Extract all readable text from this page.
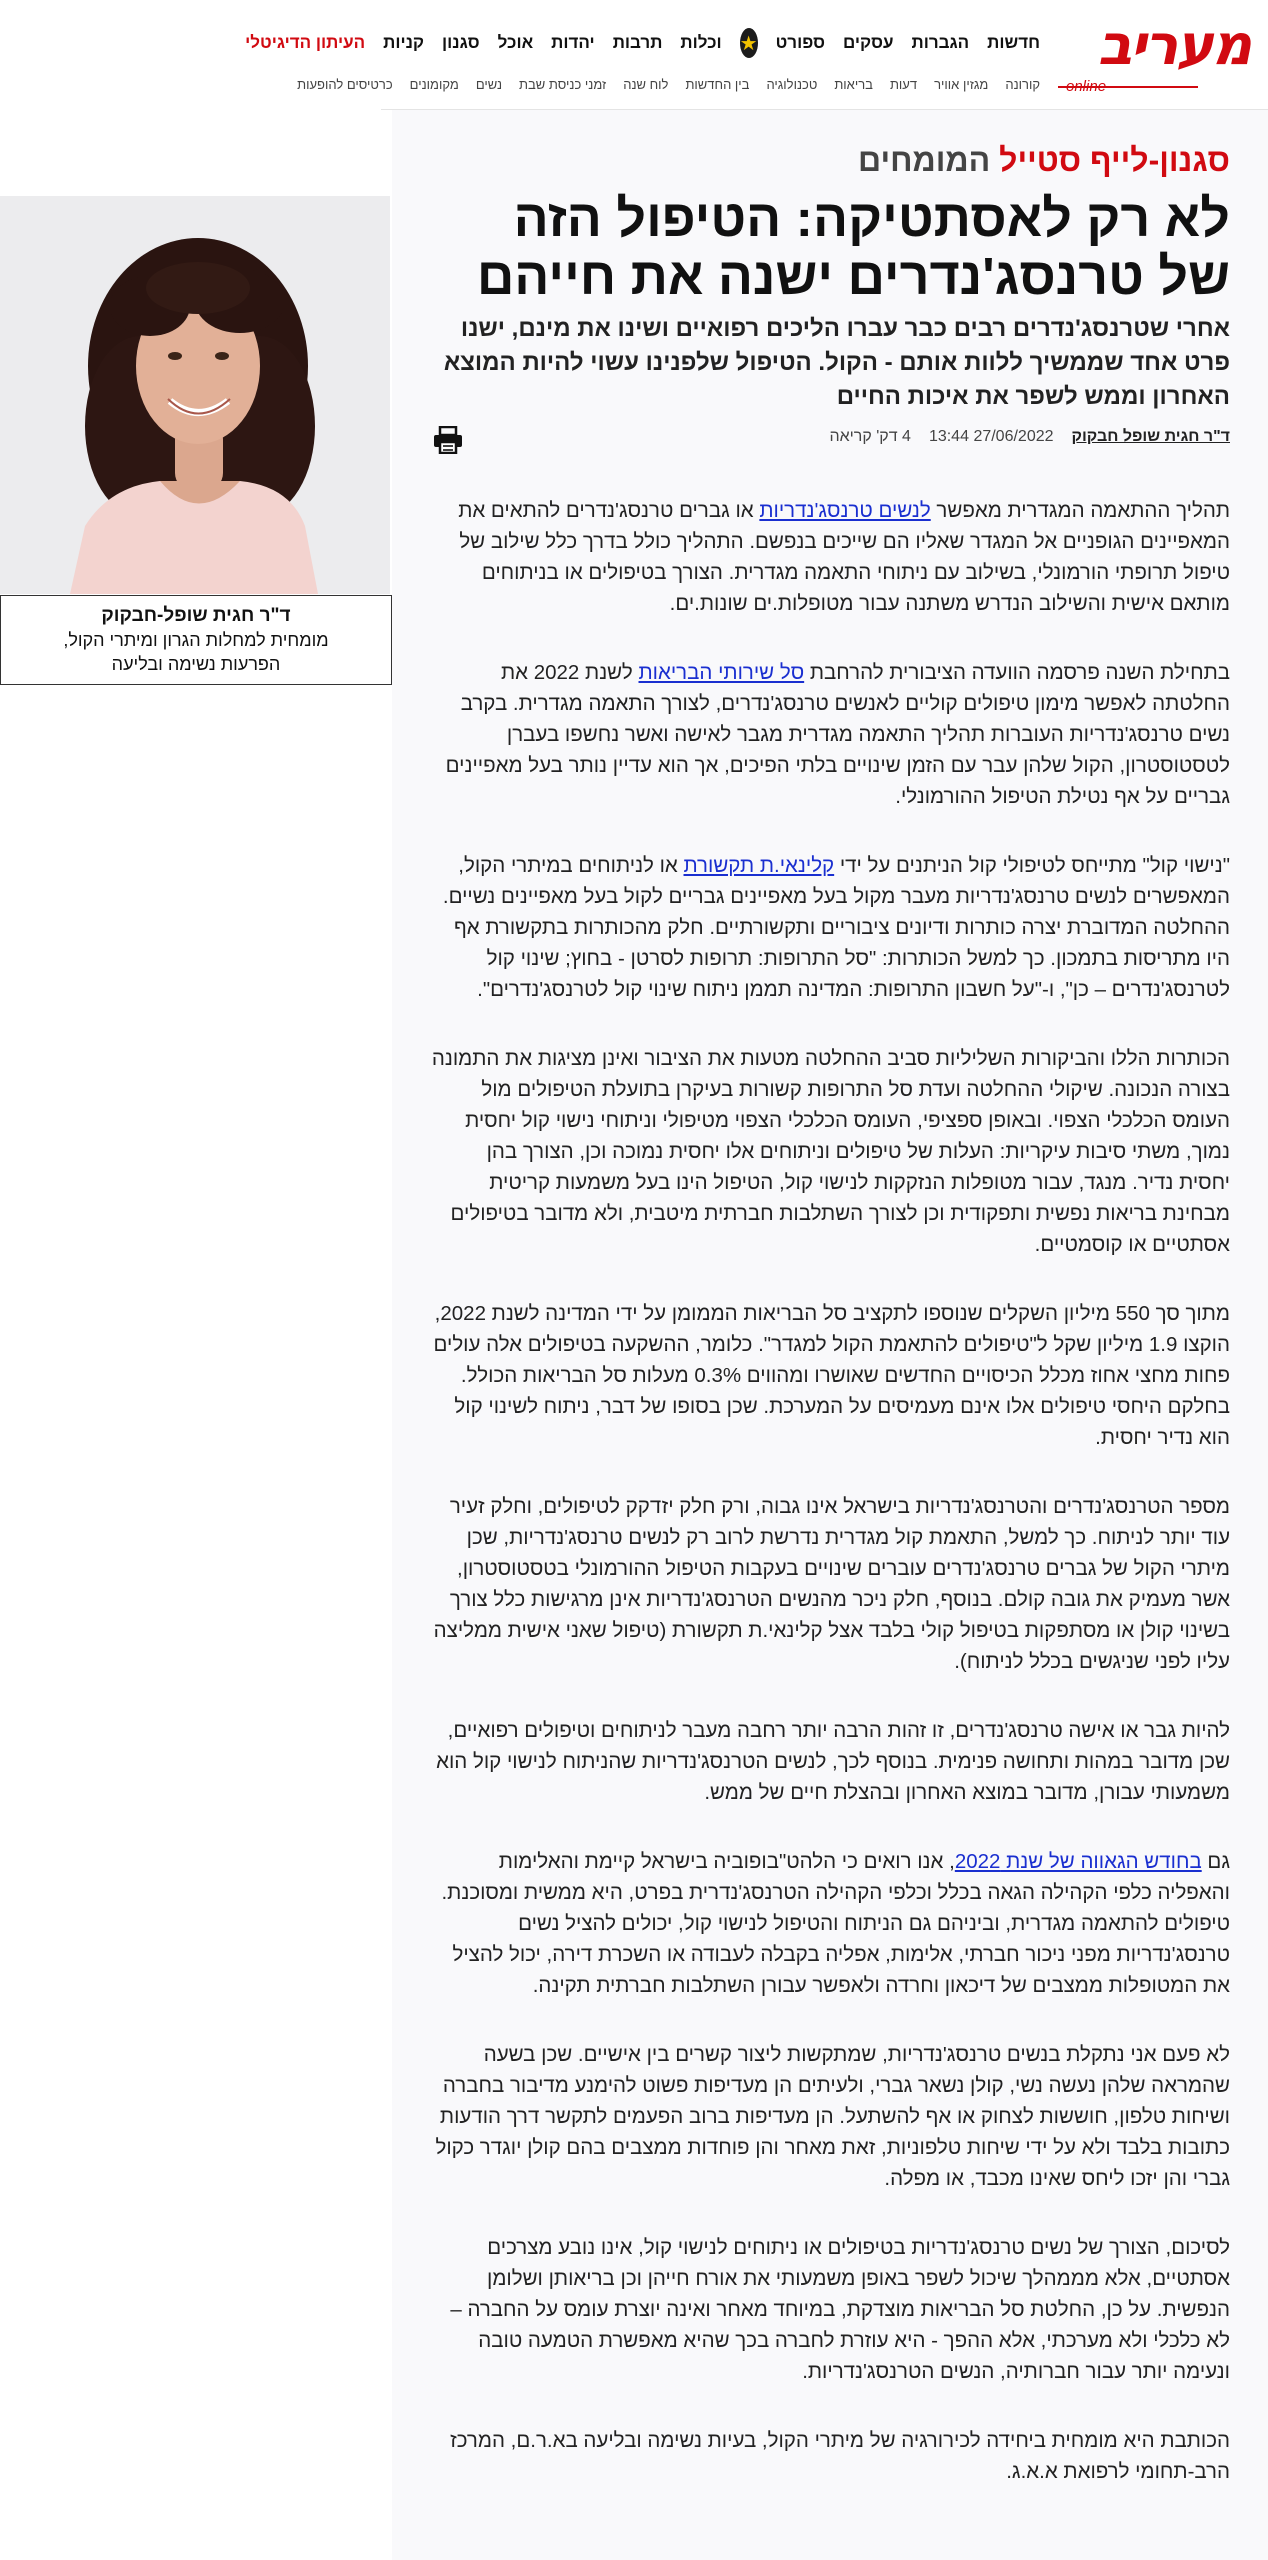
מעריב
online
חדשות
הגברות
עסקים
ספורט
★
וכלות
תרבות
יהדות
אוכל
סגנון
קניות
העיתון הדיגיטלי
קורונה
מגזין אוויר
דעות
בריאות
טכנולוגיה
בין החדשות
לוח שנה
זמני כניסת שבת
נשים
מקומונים
כרטיסים להופעות
ד"ר חגית שופל-חבקוק
מומחית למחלות הגרון ומיתרי הקול, הפרעות נשימה ובליעה
סגנון-לייף סטייל המומחים
לא רק לאסתטיקה: הטיפול הזה של טרנסג'נדרים ישנה את חייהם
אחרי שטרנסג'נדרים רבים כבר עברו הליכים רפואיים ושינו את מינם, ישנו פרט אחד שממשיך ללוות אותם - הקול. הטיפול שלפנינו עשוי להיות המוצא האחרון וממש לשפר את איכות החיים
ד"ר חגית שופל חבקוק
27/06/2022 13:44
4 דק' קריאה

תהליך ההתאמה המגדרית מאפשר לנשים טרנסג'נדריות או גברים טרנסג'נדרים להתאים את המאפיינים הגופניים אל המגדר שאליו הם שייכים בנפשם. התהליך כולל בדרך כלל שילוב של טיפול תרופתי הורמונלי, בשילוב עם ניתוחי התאמה מגדרית. הצורך בטיפולים או בניתוחים מותאם אישית והשילוב הנדרש משתנה עבור מטופלות.ים שונות.ים.

בתחילת השנה פרסמה הוועדה הציבורית להרחבת סל שירותי הבריאות לשנת 2022 את החלטתה לאפשר מימון טיפולים קוליים לאנשים טרנסג'נדרים, לצורך התאמה מגדרית. בקרב נשים טרנסג'נדריות העוברות תהליך התאמה מגדרית מגבר לאישה ואשר נחשפו בעברן לטסטוסטרון, הקול שלהן עבר עם הזמן שינויים בלתי הפיכים, אך הוא עדיין נותר בעל מאפיינים גבריים על אף נטילת הטיפול ההורמונלי.

"נישוי קול" מתייחס לטיפולי קול הניתנים על ידי קלינאי.ת תקשורת או לניתוחים במיתרי הקול, המאפשרים לנשים טרנסג'נדריות מעבר מקול בעל מאפיינים גבריים לקול בעל מאפיינים נשיים. ההחלטה המדוברת יצרה כותרות ודיונים ציבוריים ותקשורתיים. חלק מהכותרות בתקשורת אף היו מתריסות בתמכון. כך למשל הכותרות: "סל התרופות: תרופות לסרטן - בחוץ; שינוי קול לטרנסג'נדרים – כן", ו-"על חשבון התרופות: המדינה תממן ניתוח שינוי קול לטרנסג'נדרים".

הכותרות הללו והביקורות השליליות סביב ההחלטה מטעות את הציבור ואינן מציגות את התמונה בצורה הנכונה. שיקולי ההחלטה ועדת סל התרופות קשורות בעיקרן בתועלת הטיפולים מול העומס הכלכלי הצפוי. ובאופן ספציפי, העומס הכלכלי הצפוי מטיפולי וניתוחי נישוי קול יחסית נמוך, משתי סיבות עיקריות: העלות של טיפולים וניתוחים אלו יחסית נמוכה וכן, הצורך בהן יחסית נדיר. מנגד, עבור מטופלות הנזקקות לנישוי קול, הטיפול הינו בעל משמעות קריטית מבחינת בריאות נפשית ותפקודית וכן לצורך השתלבות חברתית מיטבית, ולא מדובר בטיפולים אסתטיים או קוסמטיים.

מתוך סך 550 מיליון השקלים שנוספו לתקציב סל הבריאות הממומן על ידי המדינה לשנת 2022, הוקצו 1.9 מיליון שקל ל"טיפולים להתאמת הקול למגדר". כלומר, ההשקעה בטיפולים אלה עולים פחות מחצי אחוז מכלל הכיסויים החדשים שאושרו ומהווים 0.3% מעלות סל הבריאות הכולל. בחלקם היחסי טיפולים אלו אינם מעמיסים על המערכת. שכן בסופו של דבר, ניתוח לשינוי קול הוא נדיר יחסית.

מספר הטרנסג'נדרים והטרנסג'נדריות בישראל אינו גבוה, ורק חלק יזדקק לטיפולים, וחלק זעיר עוד יותר לניתוח. כך למשל, התאמת קול מגדרית נדרשת לרוב רק לנשים טרנסג'נדריות, שכן מיתרי הקול של גברים טרנסג'נדרים עוברים שינויים בעקבות הטיפול ההורמונלי בטסטוסטרון, אשר מעמיק את גובה קולם. בנוסף, חלק ניכר מהנשים הטרנסג'נדריות אינן מרגישות כלל צורך בשינוי קולן או מסתפקות בטיפול קולי בלבד אצל קלינאי.ת תקשורת (טיפול שאני אישית ממליצה עליו לפני שניגשים בכלל לניתוח).

להיות גבר או אישה טרנסג'נדרים, זו זהות הרבה יותר רחבה מעבר לניתוחים וטיפולים רפואיים, שכן מדובר במהות ותחושה פנימית. בנוסף לכך, לנשים הטרנסג'נדריות שהניתוח לנישוי קול הוא משמעותי עבורן, מדובר במוצא האחרון ובהצלת חיים של ממש.

גם בחודש הגאווה של שנת 2022, אנו רואים כי הלהט"בופוביה בישראל קיימת והאלימות והאפליה כלפי הקהילה הגאה בכלל וכלפי הקהילה הטרנסג'נדרית בפרט, היא ממשית ומסוכנת. טיפולים להתאמה מגדרית, וביניהם גם הניתוח והטיפול לנישוי קול, יכולים להציל נשים טרנסג'נדריות מפני ניכור חברתי, אלימות, אפליה בקבלה לעבודה או השכרת דירה, יכול להציל את המטופלות ממצבים של דיכאון וחרדה ולאפשר עבורן השתלבות חברתית תקינה.

לא פעם אני נתקלת בנשים טרנסג'נדריות, שמתקשות ליצור קשרים בין אישיים. שכן בשעה שהמראה שלהן נעשה נשי, קולן נשאר גברי, ולעיתים הן מעדיפות פשוט להימנע מדיבור בחברה ושיחות טלפון, חוששות לצחוק או אף להשתעל. הן מעדיפות ברוב הפעמים לתקשר דרך הודעות כתובות בלבד ולא על ידי שיחות טלפוניות, זאת מאחר והן פוחדות ממצבים בהם קולן יוגדר כקול גברי והן יזכו ליחס שאינו מכבד, או מפלה.

לסיכום, הצורך של נשים טרנסג'נדריות בטיפולים או ניתוחים לנישוי קול, אינו נובע מצרכים אסתטיים, אלא מממהלך שיכול לשפר באופן משמעותי את אורח חייהן וכן בריאותן ושלומן הנפשית. על כן, החלטת סל הבריאות מוצדקת, במיוחד מאחר ואינה יוצרת עומס על החברה – לא כלכלי ולא מערכתי, אלא ההפך - היא עוזרת לחברה בכך שהיא מאפשרת הטמעה טובה ונעימה יותר עבור חברותיה, הנשים הטרנסג'נדריות.

הכותבת היא מומחית ביחידה לכירורגיה של מיתרי הקול, בעיות נשימה ובליעה בא.ר.ם, המרכז הרב-תחומי לרפואת א.א.ג.
